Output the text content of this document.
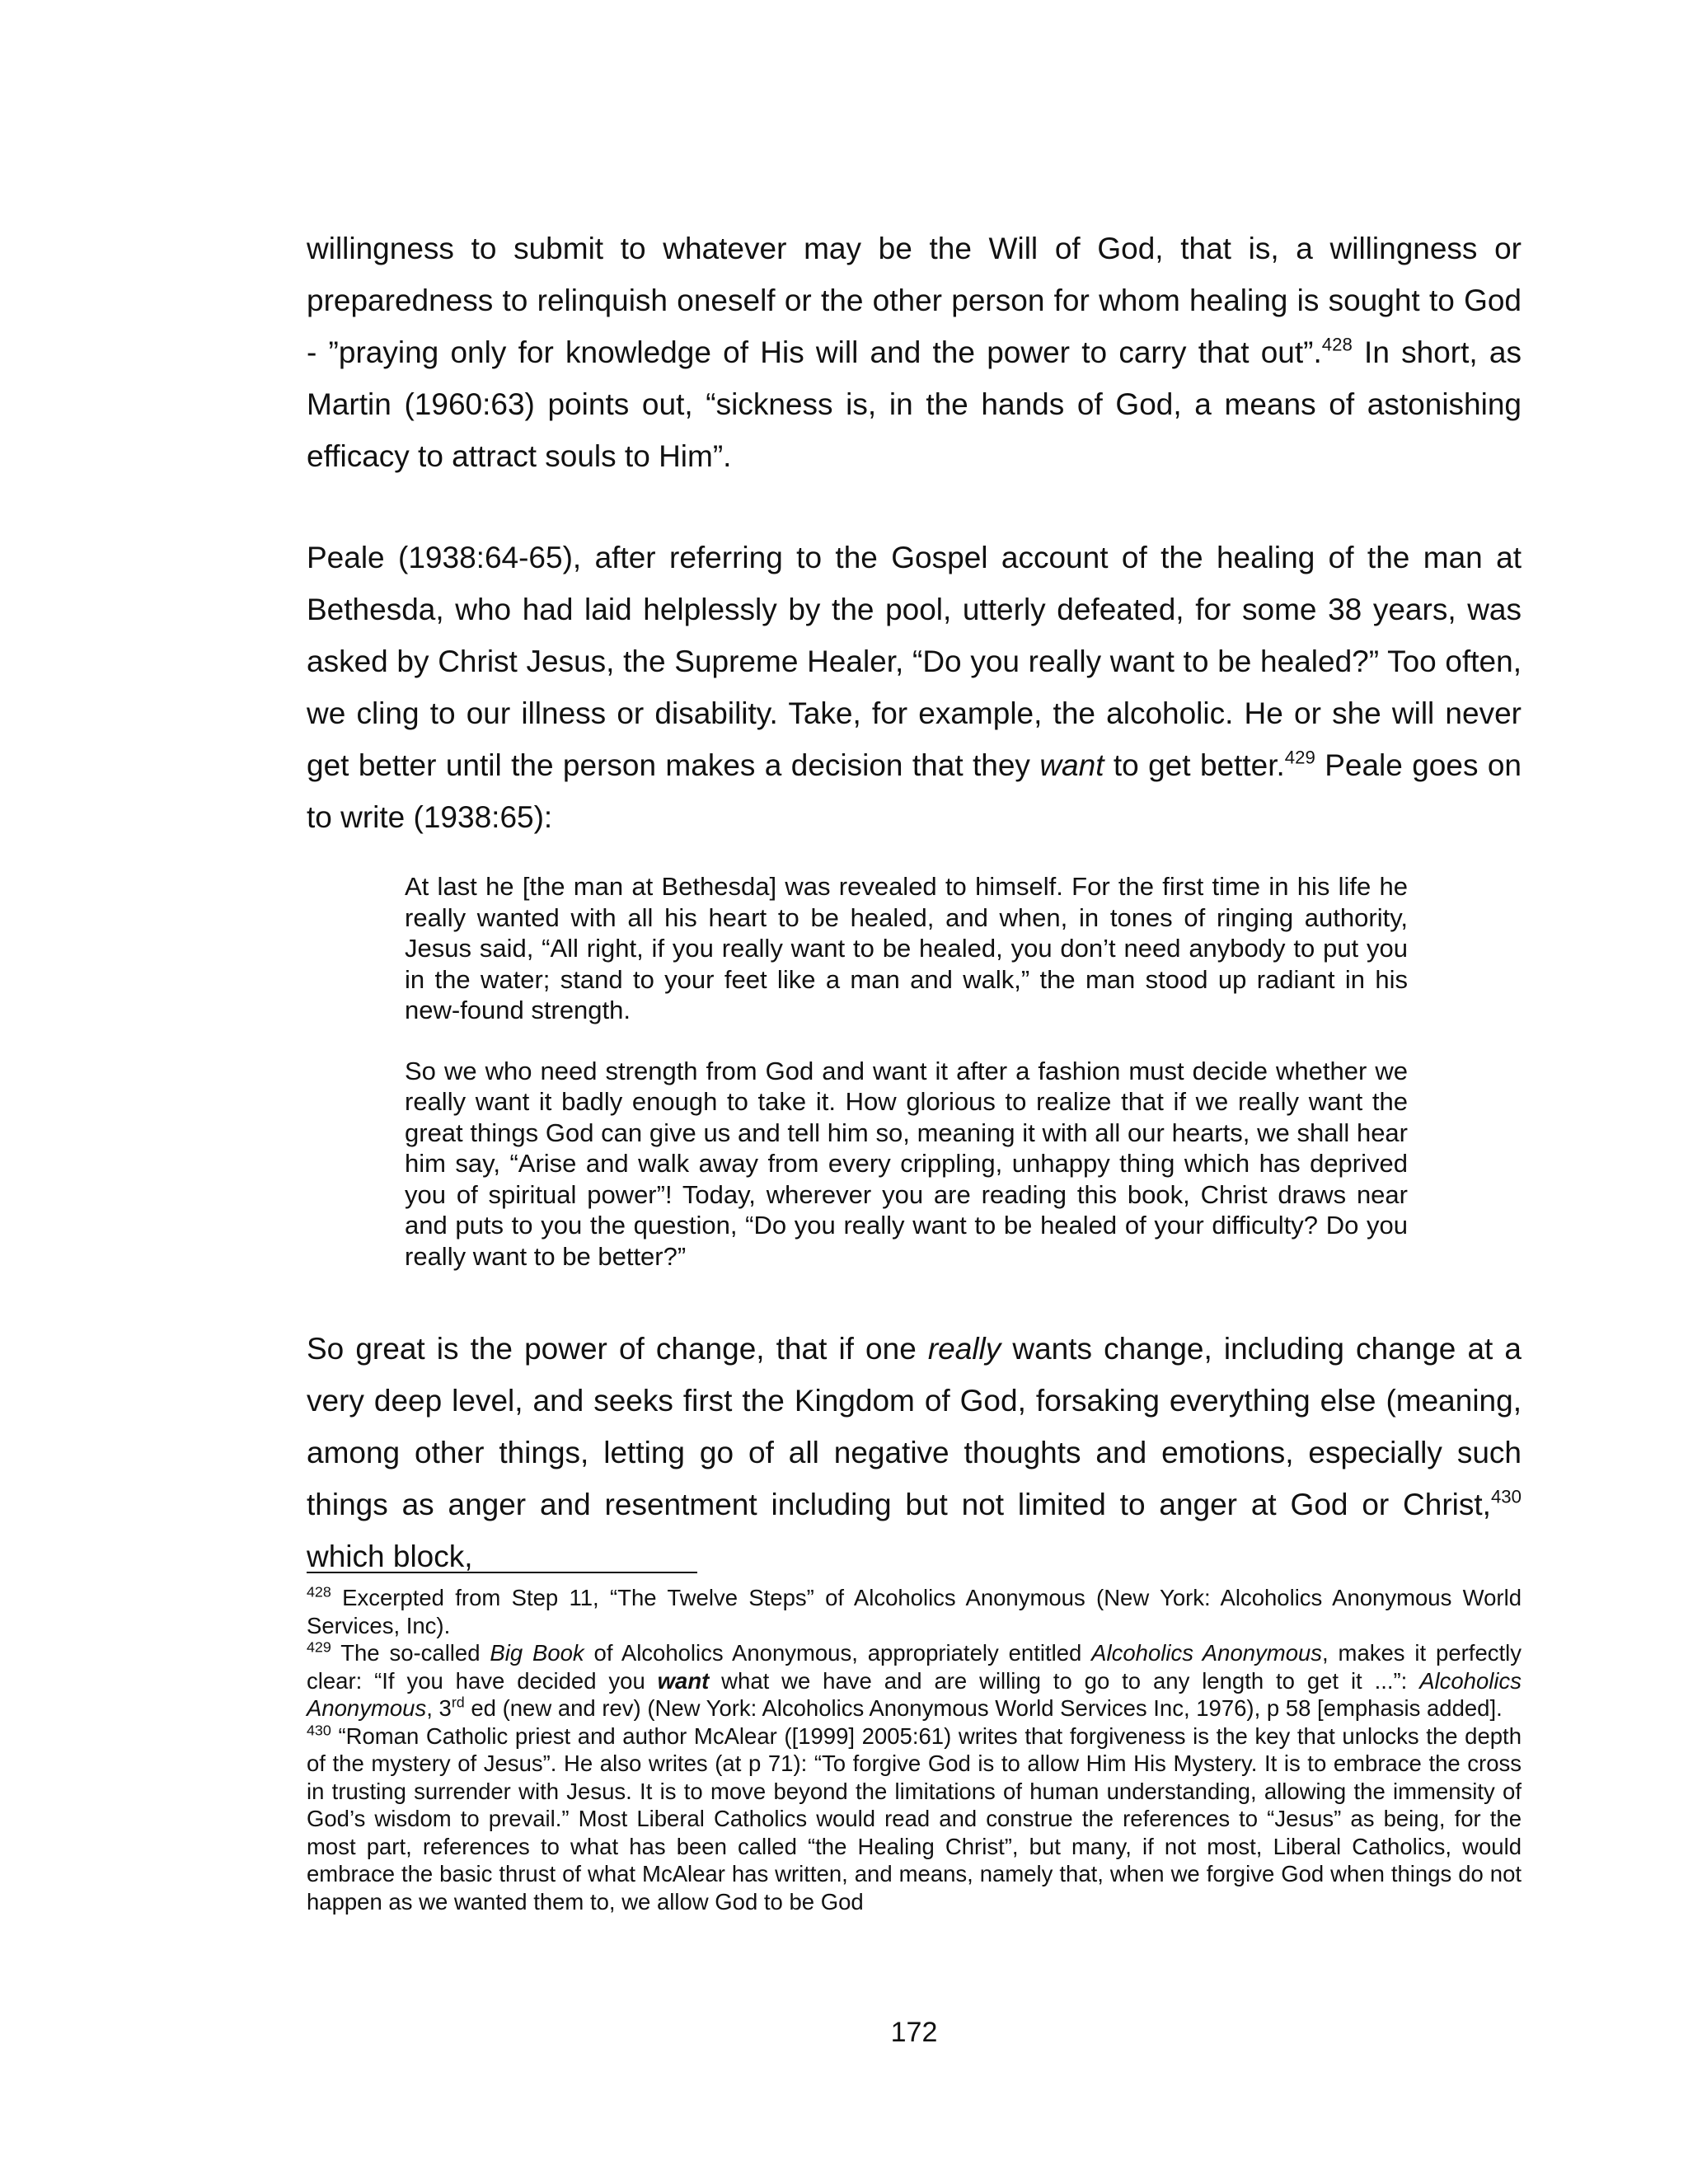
willingness to submit to whatever may be the Will of God, that is, a willingness or preparedness to relinquish oneself or the other person for whom healing is sought to God - ”praying only for knowledge of His will and the power to carry that out”.$^{428}$ In short, as Martin (1960:63) points out, “sickness is, in the hands of God, a means of astonishing efficacy to attract souls to Him”.

Peale (1938:64-65), after referring to the Gospel account of the healing of the man at Bethesda, who had laid helplessly by the pool, utterly defeated, for some 38 years, was asked by Christ Jesus, the Supreme Healer, “Do you really want to be healed?” Too often, we cling to our illness or disability. Take, for example, the alcoholic. He or she will never get better until the person makes a decision that they want to get better.$^{429}$ Peale goes on to write (1938:65):

At last he [the man at Bethesda] was revealed to himself. For the first time in his life he really wanted with all his heart to be healed, and when, in tones of ringing authority, Jesus said, “All right, if you really want to be healed, you don’t need anybody to put you in the water; stand to your feet like a man and walk,” the man stood up radiant in his new-found strength.

So we who need strength from God and want it after a fashion must decide whether we really want it badly enough to take it. How glorious to realize that if we really want the great things God can give us and tell him so, meaning it with all our hearts, we shall hear him say, “Arise and walk away from every crippling, unhappy thing which has deprived you of spiritual power”! Today, wherever you are reading this book, Christ draws near and puts to you the question, “Do you really want to be healed of your difficulty? Do you really want to be better?”

So great is the power of change, that if one really wants change, including change at a very deep level, and seeks first the Kingdom of God, forsaking everything else (meaning, among other things, letting go of all negative thoughts and emotions, especially such things as anger and resentment including but not limited to anger at God or Christ,$^{430}$ which block,

$^{428}$ Excerpted from Step 11, “The Twelve Steps” of Alcoholics Anonymous (New York: Alcoholics Anonymous World Services, Inc).

$^{429}$ The so-called Big Book of Alcoholics Anonymous, appropriately entitled Alcoholics Anonymous, makes it perfectly clear: “If you have decided you want what we have and are willing to go to any length to get it ...”: Alcoholics Anonymous, 3rd ed (new and rev) (New York: Alcoholics Anonymous World Services Inc, 1976), p 58 [emphasis added].

$^{430}$ “Roman Catholic priest and author McAlear ([1999] 2005:61) writes that forgiveness is the key that unlocks the depth of the mystery of Jesus”. He also writes (at p 71): “To forgive God is to allow Him His Mystery. It is to embrace the cross in trusting surrender with Jesus. It is to move beyond the limitations of human understanding, allowing the immensity of God’s wisdom to prevail.” Most Liberal Catholics would read and construe the references to “Jesus” as being, for the most part, references to what has been called “the Healing Christ”, but many, if not most, Liberal Catholics, would embrace the basic thrust of what McAlear has written, and means, namely that, when we forgive God when things do not happen as we wanted them to, we allow God to be God

172
